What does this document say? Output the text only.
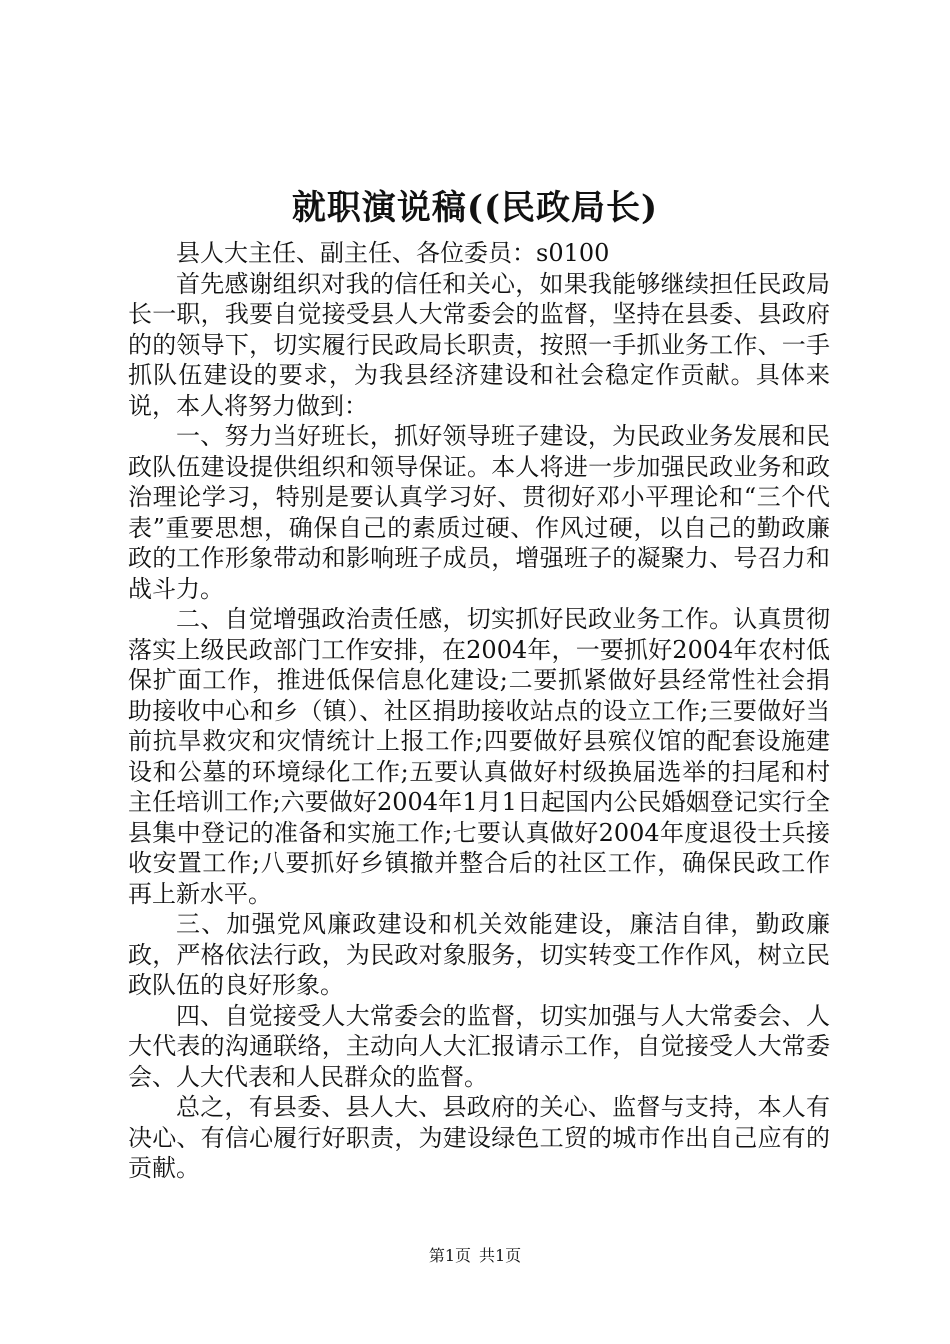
就职演说稿((民政局长)

县人大主任、副主任、各位委员：s0100

首先感谢组织对我的信任和关心，如果我能够继续担任民政局长一职，我要自觉接受县人大常委会的监督，坚持在县委、县政府的的领导下，切实履行民政局长职责，按照一手抓业务工作、一手抓队伍建设的要求，为我县经济建设和社会稳定作贡献。具体来说，本人将努力做到：

一、努力当好班长，抓好领导班子建设，为民政业务发展和民政队伍建设提供组织和领导保证。本人将进一步加强民政业务和政治理论学习，特别是要认真学习好、贯彻好邓小平理论和“三个代表”重要思想，确保自己的素质过硬、作风过硬，以自己的勤政廉政的工作形象带动和影响班子成员，增强班子的凝聚力、号召力和战斗力。

二、自觉增强政治责任感，切实抓好民政业务工作。认真贯彻落实上级民政部门工作安排，在2004年，一要抓好2004年农村低保扩面工作，推进低保信息化建设;二要抓紧做好县经常性社会捐助接收中心和乡（镇）、社区捐助接收站点的设立工作;三要做好当前抗旱救灾和灾情统计上报工作;四要做好县殡仪馆的配套设施建设和公墓的环境绿化工作;五要认真做好村级换届选举的扫尾和村主任培训工作;六要做好2004年1月1日起国内公民婚姻登记实行全县集中登记的准备和实施工作;七要认真做好2004年度退役士兵接收安置工作;八要抓好乡镇撤并整合后的社区工作，确保民政工作再上新水平。

三、加强党风廉政建设和机关效能建设，廉洁自律，勤政廉政，严格依法行政，为民政对象服务，切实转变工作作风，树立民政队伍的良好形象。

四、自觉接受人大常委会的监督，切实加强与人大常委会、人大代表的沟通联络，主动向人大汇报请示工作，自觉接受人大常委会、人大代表和人民群众的监督。

总之，有县委、县人大、县政府的关心、监督与支持，本人有决心、有信心履行好职责，为建设绿色工贸的城市作出自己应有的贡献。

第1页 共1页
